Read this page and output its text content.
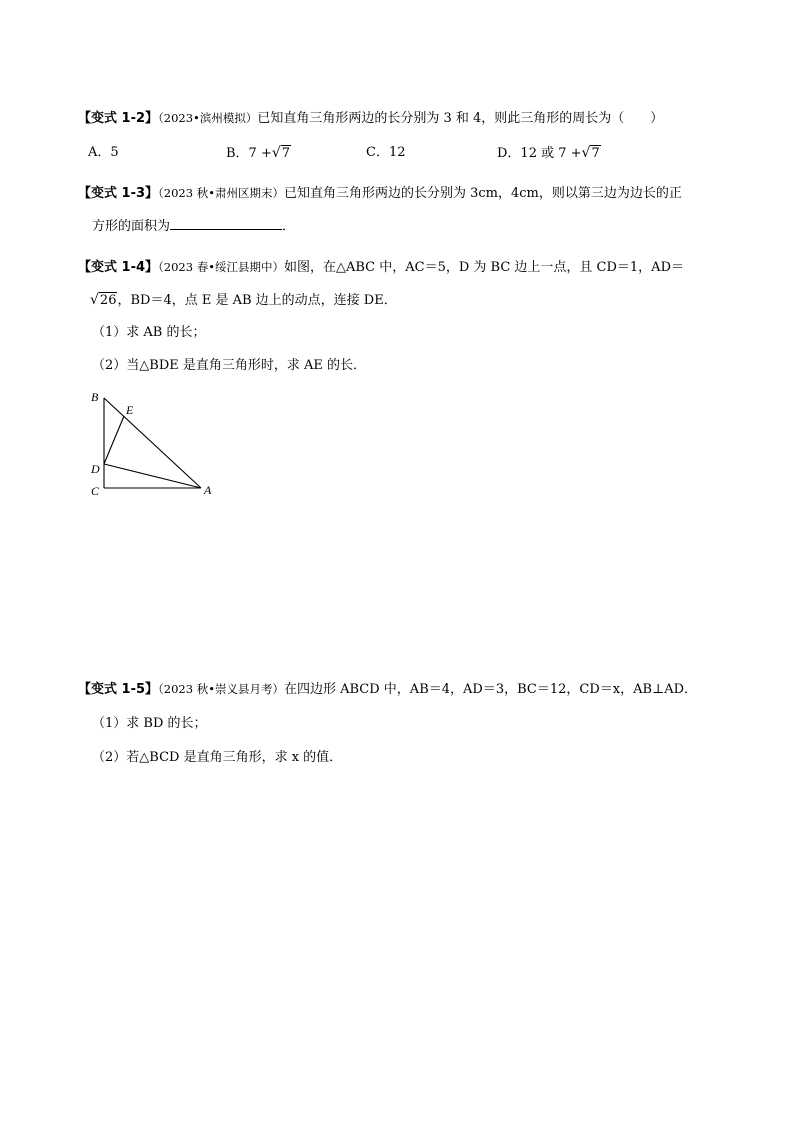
【变式 1-2】（2023•滨州模拟）已知直角三角形两边的长分别为 3 和 4，则此三角形的周长为（　　）
A．5	B．7 +√7	C．12	D．12 或 7 +√7
【变式 1-3】（2023 秋•肃州区期末）已知直角三角形两边的长分别为 3cm，4cm，则以第三边为边长的正
方形的面积为	．
【变式 1-4】（2023 春•绥江县期中）如图，在△ABC 中，AC＝5，D 为 BC 边上一点，且 CD＝1，AD＝
√26，BD＝4，点 E 是 AB 边上的动点，连接 DE．
（1）求 AB 的长；
（2）当△BDE 是直角三角形时，求 AE 的长．
B
E
D
C	A
【变式 1-5】（2023 秋•崇义县月考）在四边形 ABCD 中，AB＝4，AD＝3，BC＝12，CD＝x，AB⊥AD．
（1）求 BD 的长；
（2）若△BCD 是直角三角形，求 x 的值．
